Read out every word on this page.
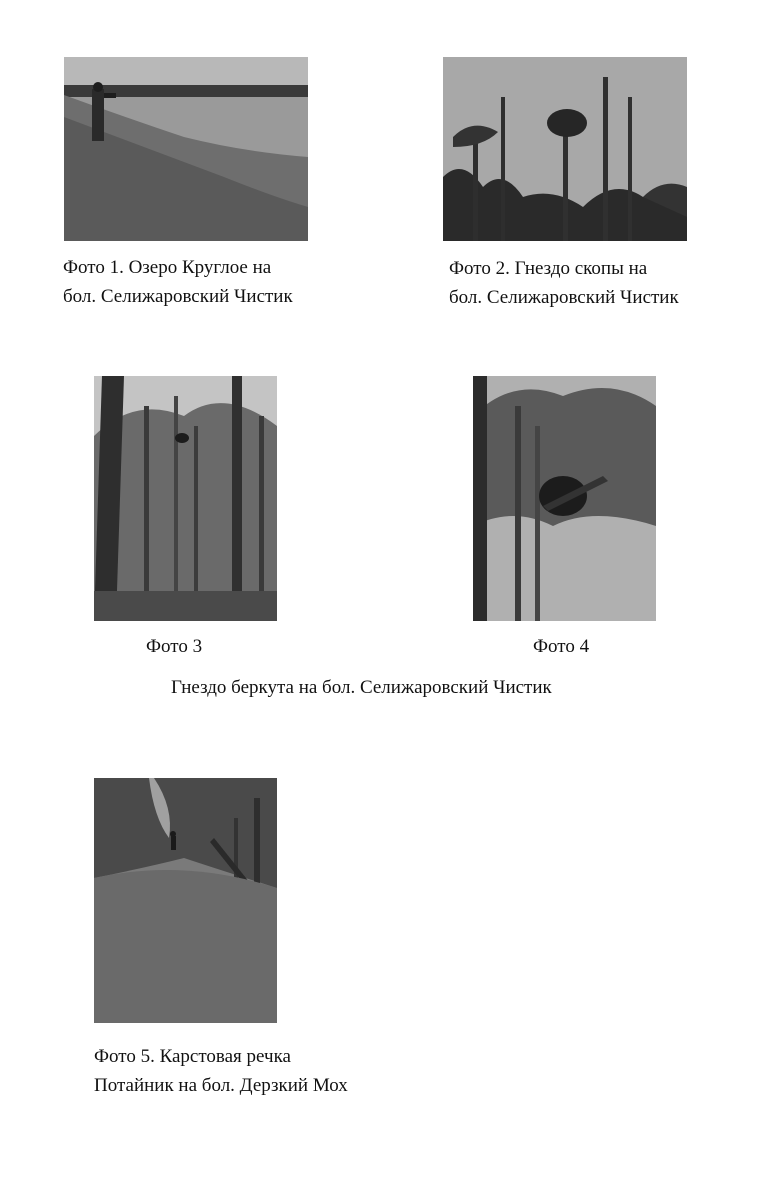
Фото 1. Озеро Круглое на
бол. Селижаровский Чистик
Фото 2. Гнездо скопы на
бол. Селижаровский Чистик
Фото 3	Фото 4
Гнездо беркута на бол. Селижаровский Чистик
Фото 5. Карстовая речка
Потайник на бол. Дерзкий Мох
